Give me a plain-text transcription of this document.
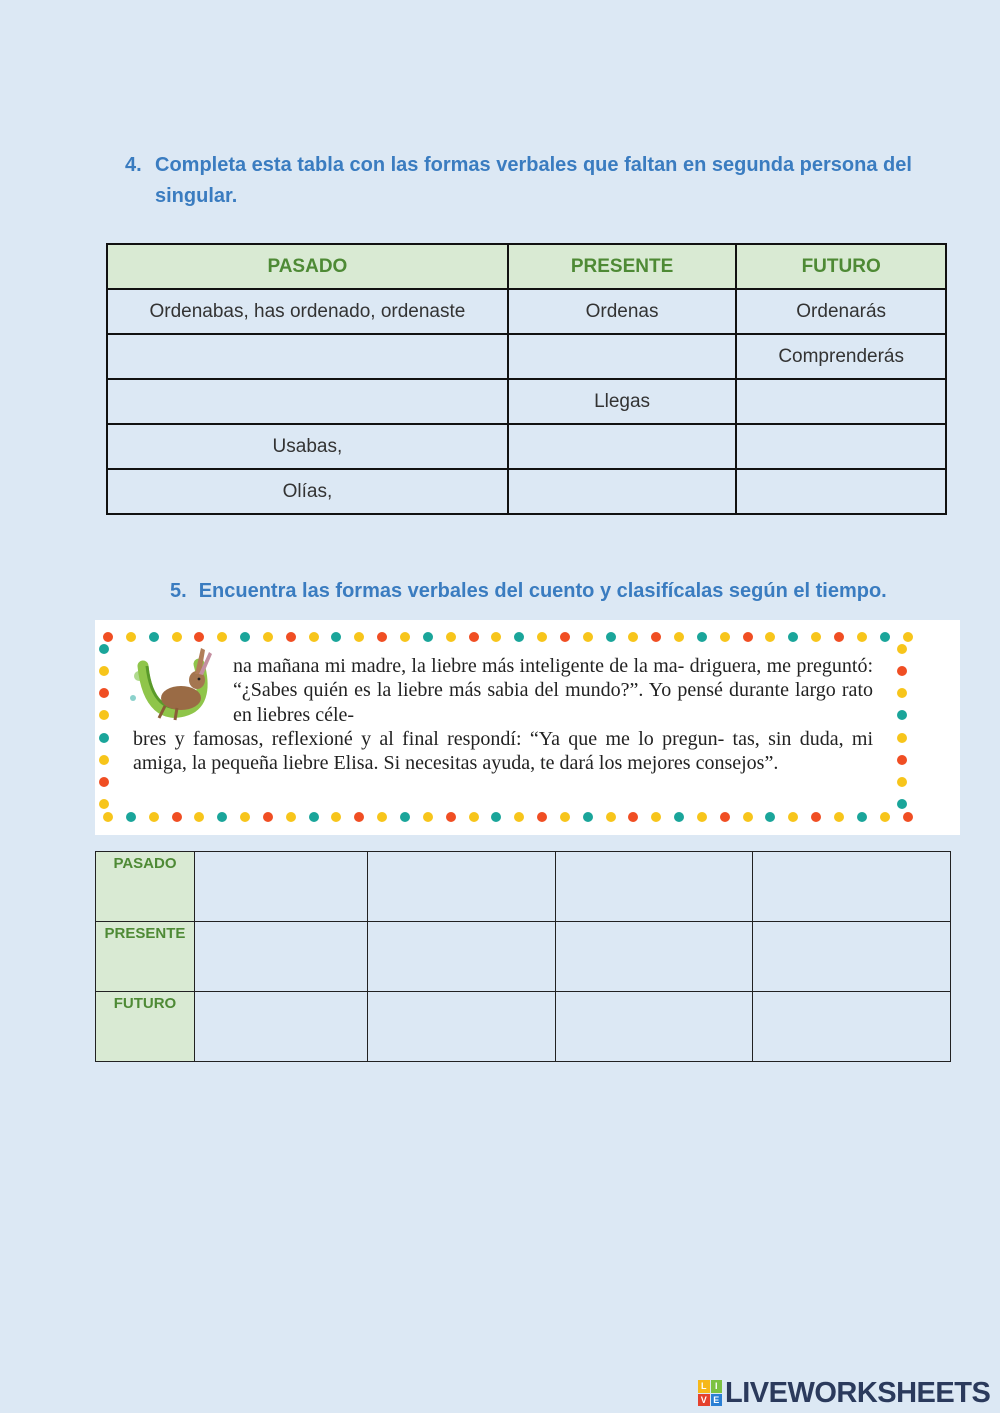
4. Completa esta tabla con las formas verbales que faltan en segunda persona del singular.
PASADO	PRESENTE	FUTURO
Ordenabas, has ordenado, ordenaste	Ordenas	Ordenarás
		Comprenderás
	Llegas	
Usabas,		
Olías,		
5. Encuentra las formas verbales del cuento y clasifícalas según el tiempo.
na mañana mi madre, la liebre más inteligente de la ma- driguera, me preguntó: “¿Sabes quién es la liebre más sabia del mundo?”. Yo pensé durante largo rato en liebres céle-
bres y famosas, reflexioné y al final respondí: “Ya que me lo pregun- tas, sin duda, mi amiga, la pequeña liebre Elisa. Si necesitas ayuda, te dará los mejores consejos”.
PASADO				
PRESENTE				
FUTURO				
L I
V E LIVEWORKSHEETS
